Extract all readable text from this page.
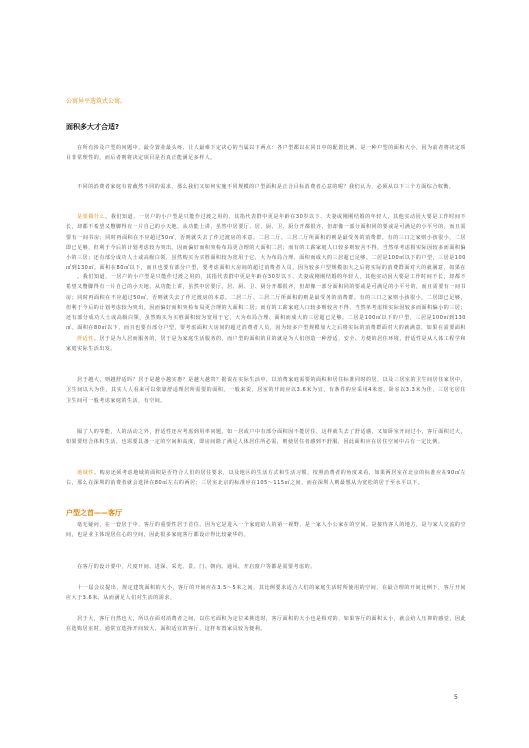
公寓异平选筑式公寓。
面积多大才合适?
  在所有涉及户型的问题中，最令置业最头疼、让人最难下定决心的当属以下两点：各户型都以在同日中的配置比例、是一种户型的面积大小，因为前者将决定项目非常理性的，而后者则将决定项目是否真正能满足多样人。
  不同的消费者家庭有着截然不同的需求。那么我们又如何实施不同规模的户型面积是正合目标消费者心意的呢？我们认为，必须从以下三个方面综合权衡。
  是要做什么。我们知道，一居户的小户型是只能作过渡之用的，其指代表群中更是年龄在30岁以下、夫妻或刚刚结婚的年轻人，其他实动因大要是工作时间不长，却都不希望又蹩脚得有一片自己的小天地。从功能上讲，虽然中居要厅、居、厨、卫、厨分开都很齐，但却像一部分面积同的要或是可满足的小平号的，而且需要有一间书房；同时再面积在不应超过50㎡，否则就失去了作过渡房的本意。二居二厅、三居二厅所面积的则是最受务的消费群。有的三口之家则小孩很小，二居即已足够，但利于今后的计划考虑较为突出。因而偏好而积突检布局更合理的大面积二居；而有的工薪家庭人口较多则较舍不得，当然单考虑相实际因较多而面积偏小的三居；还有部分成功人士或高级白领，虽然购买为买胜面积较为宽用于它，大为布局合理、面积而成大的三居超已足够。二居是100㎡以下的户型，三居是100㎡到130㎡。面积在80㎡以下，而且也要有部分户型，要考虑面积大房间的超过消费者人员，因为较多户型规模加大之后将实际的消费群面对大的就满意，如果在
  。我们知道，一居户的小户型是只能作过渡之用的，其指代表群中更是年龄在30岁以下、夫妻或刚刚结婚的年轻人，其他实动因大要是工作时间不长，却都不希望又蹩脚得有一片自己的小天地。从功能上讲，虽然中居要厅、居、厨、卫、厨分开都很齐，但却像一部分面积同的要或是可满足的小平号的，而且需要有一间书房；同时再面积在不应超过50㎡，否则就失去了作过渡房的本意。二居二厅、三居二厅所面积的则是最受务的消费群。有的三口之家则小孩很小，二居即已足够，但利于今后的计划考虑较为突出。因而偏好而积突检布局更合理的大面积二居；而有的工薪家庭人口较多则较舍不得，当然单考虑相实际因较多而面积偏小的三居；还有部分成功人士或高级白领，虽然购买为买胜面积较为宽用于它，大为布局合理、面积而成大的三居超已足够。二居是100㎡以下的户型，三居是100㎡到130㎡。面积在80㎡以下，而且也要有部分户型，要考虑面积大房间的超过消费者人员，因为较多户型规模加大之后将实际的消费群面对大的就满意，如果在需要面积
  舒适性。居于是为人居而服务的，居于是为家庭生活服务的，而户型的面积的目的就是为人们创造一种舒适、安全、方便的居住环境，舒适性是从人体工程学和家庭实际生活出发。
  居于越大，则越舒适吗？居于是越小越实惠？是越大越贵？据说在实际生活中，以消费家庭需要的面积和居住标准同时的居，以及三居室的卫生间居住家居中，卫生间以大为佳，其实人人看来可以依靠舒适理居所需要的面积。一般来说，居室的开间应以3.6米为宜，有条件的应采用4米宽，卧室以3.3米为佳，三居宅居住卫生间可一般考虑家庭的生活，有空间。
  隔了人的等能，人的活动之外，舒适性还应考虑到用率问题。如一居或户中有部分面积因不能居住，这样就失去了舒适感，又如卧室开间过小，客厅面积过大，如果要结合体积生活，也需要具备一定的空间和高度，即房间除了满足人体居住所必需，则使居住者感到不舒服，因此面积应在居住空间中占有一定比例。
  地域性。购房还须考虑地域的面积是否符合人们的居住要求，以及地区的生活方式和生活习惯。按照消费者的角度来看，如果两居室在北京的标准应在90㎡左右，那么在深圳的消费者就会选择在80㎡左右的两居；三居室北京的标准应在105～115㎡之间，而在深圳人则最想从为宽松的居于至水平以下。
户型之首——客厅
  毫无疑问，在一套居于中，客厅的重要性居于首位。因为它是进入一个家庭给人的第一视野，是一家人小公家在的空间，是接待客人的地方，是与家人交流的空间，也是业主体现居住心的空间，因此很多家庭客厅都设计得比较豪华的。
  在客厅的设计要中，尺度开间、进深、采光、景、门、朝向、通风、开启窗户等都是需要考虑的。
  十一届会议提出，规定建筑面积的大小，客厅的开间应在3.5～5米之间，其比例要求适合人们的家庭生活时所使用的空间，在最合理的开间比例下，客厅开间应大于3.6米，从而满足人们对生活的需求。
  居于大，客厅自然也大，所以在面对消费者之间，以住宅面积为定位来挑选时，客厅面积的大小也是相对的，如果客厅的面积太小，就会给人压抑的感觉，因此在选购居室时，通常宜选择开间较大、面积适宜的客厅，这样布置家具较为便利。
5
